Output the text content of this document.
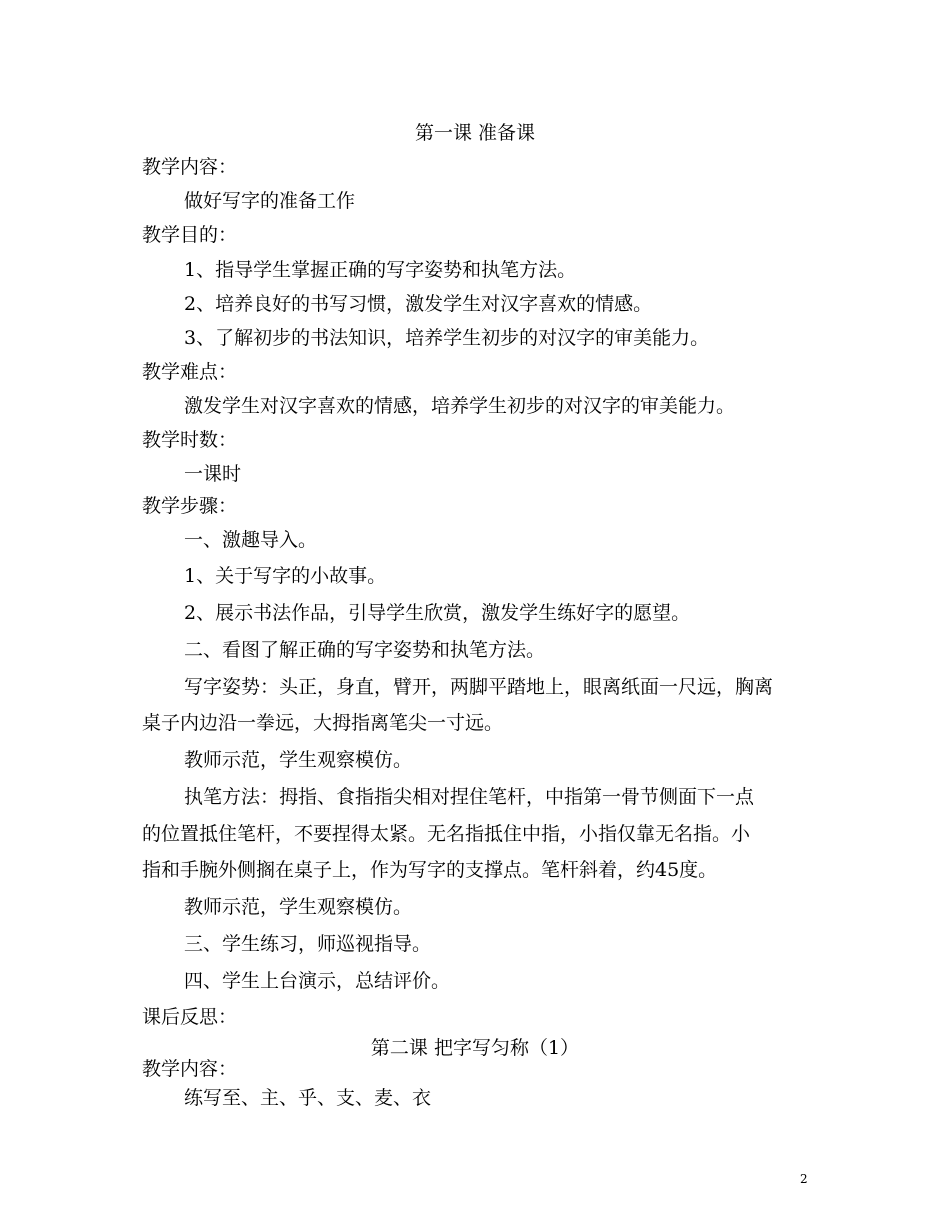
第一课 准备课

教学内容：

做好写字的准备工作

教学目的：

1、指导学生掌握正确的写字姿势和执笔方法。

2、培养良好的书写习惯，激发学生对汉字喜欢的情感。

3、了解初步的书法知识，培养学生初步的对汉字的审美能力。

教学难点：

激发学生对汉字喜欢的情感，培养学生初步的对汉字的审美能力。

教学时数：

一课时

教学步骤：

一、激趣导入。

1、关于写字的小故事。

2、展示书法作品，引导学生欣赏，激发学生练好字的愿望。

二、看图了解正确的写字姿势和执笔方法。

写字姿势：头正，身直，臂开，两脚平踏地上，眼离纸面一尺远，胸离

桌子内边沿一拳远，大拇指离笔尖一寸远。

教师示范，学生观察模仿。

执笔方法：拇指、食指指尖相对捏住笔杆，中指第一骨节侧面下一点

的位置抵住笔杆，不要捏得太紧。无名指抵住中指，小指仅靠无名指。小

指和手腕外侧搁在桌子上，作为写字的支撑点。笔杆斜着，约45度。

教师示范，学生观察模仿。

三、学生练习，师巡视指导。

四、学生上台演示，总结评价。

课后反思：

第二课 把字写匀称（1）

教学内容：

练写至、主、乎、支、麦、衣

2
